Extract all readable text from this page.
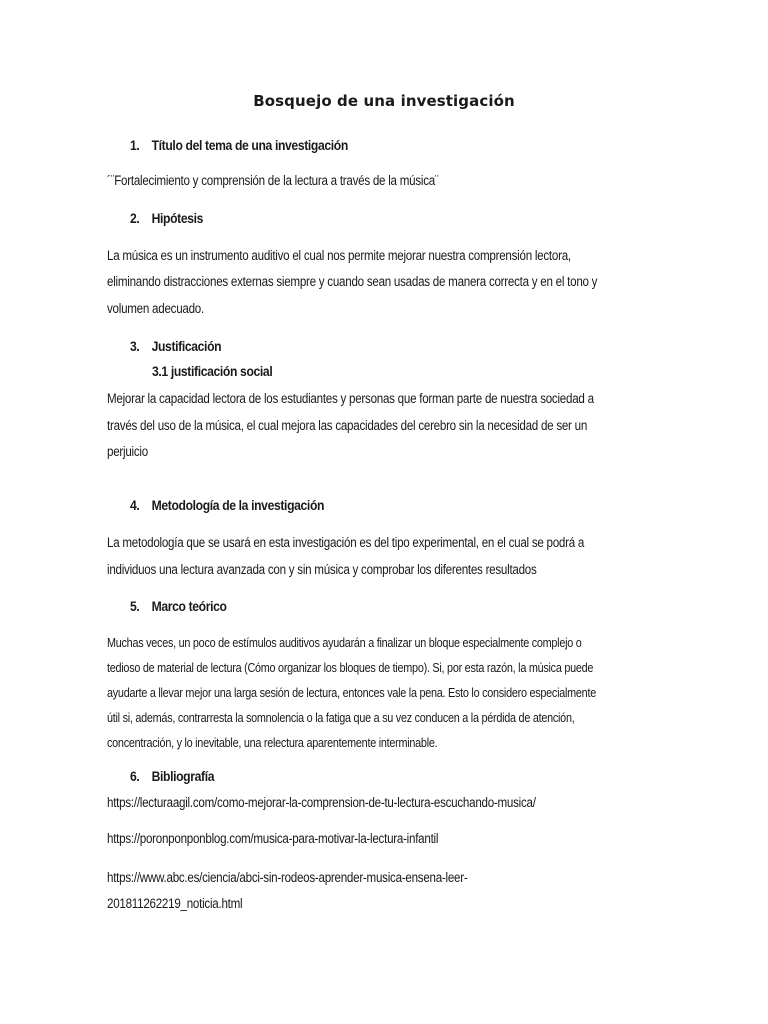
Bosquejo de una investigación
1. Título del tema de una investigación
´¨Fortalecimiento y comprensión de la lectura a través de la música¨
2. Hipótesis
La música es un instrumento auditivo el cual nos permite mejorar nuestra comprensión lectora,
eliminando distracciones externas siempre y cuando sean usadas de manera correcta y en el tono y
volumen adecuado.
3. Justificación
3.1 justificación social
Mejorar la capacidad lectora de los estudiantes y personas que forman parte de nuestra sociedad a
través del uso de la música, el cual mejora las capacidades del cerebro sin la necesidad de ser un
perjuicio
4. Metodología de la investigación
La metodología que se usará en esta investigación es del tipo experimental, en el cual se podrá a
individuos una lectura avanzada con y sin música y comprobar los diferentes resultados
5. Marco teórico
Muchas veces, un poco de estímulos auditivos ayudarán a finalizar un bloque especialmente complejo o
tedioso de material de lectura (Cómo organizar los bloques de tiempo). Si, por esta razón, la música puede
ayudarte a llevar mejor una larga sesión de lectura, entonces vale la pena. Esto lo considero especialmente
útil si, además, contrarresta la somnolencia o la fatiga que a su vez conducen a la pérdida de atención,
concentración, y lo inevitable, una relectura aparentemente interminable.
6. Bibliografía
https://lecturaagil.com/como-mejorar-la-comprension-de-tu-lectura-escuchando-musica/
https://poronponponblog.com/musica-para-motivar-la-lectura-infantil
https://www.abc.es/ciencia/abci-sin-rodeos-aprender-musica-ensena-leer-
201811262219_noticia.html
